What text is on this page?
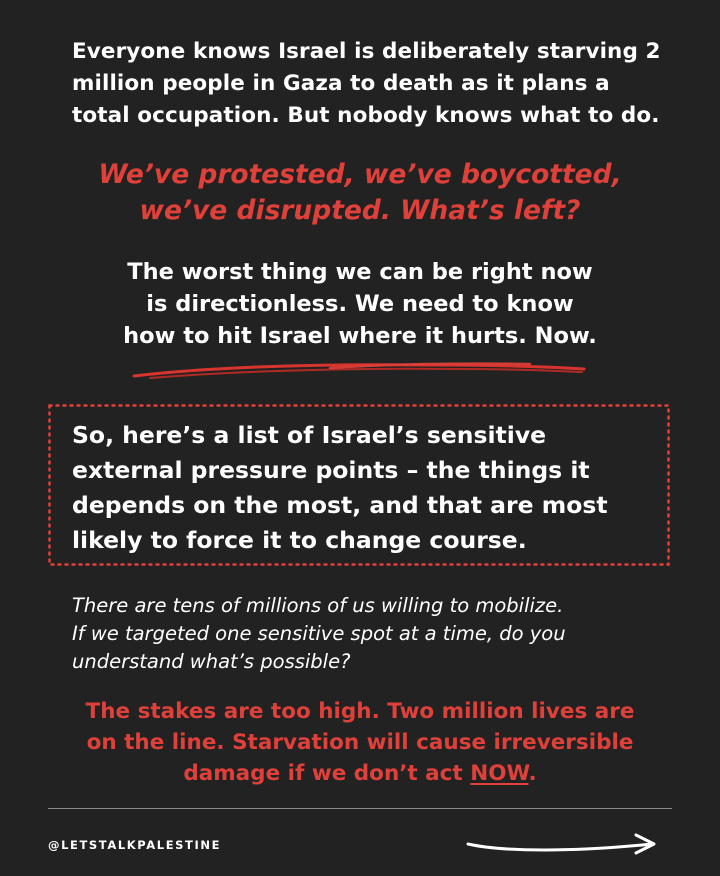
Everyone knows Israel is deliberately starving 2 million people in Gaza to death as it plans a total occupation. But nobody knows what to do.

We’ve protested, we’ve boycotted,
we’ve disrupted. What’s left?

The worst thing we can be right now
is directionless. We need to know
how to hit Israel where it hurts. Now.

So, here’s a list of Israel’s sensitive
external pressure points – the things it
depends on the most, and that are most
likely to force it to change course.

There are tens of millions of us willing to mobilize.
If we targeted one sensitive spot at a time, do you
understand what’s possible?

The stakes are too high. Two million lives are
on the line. Starvation will cause irreversible
damage if we don’t act NOW.

@LETSTALKPALESTINE
